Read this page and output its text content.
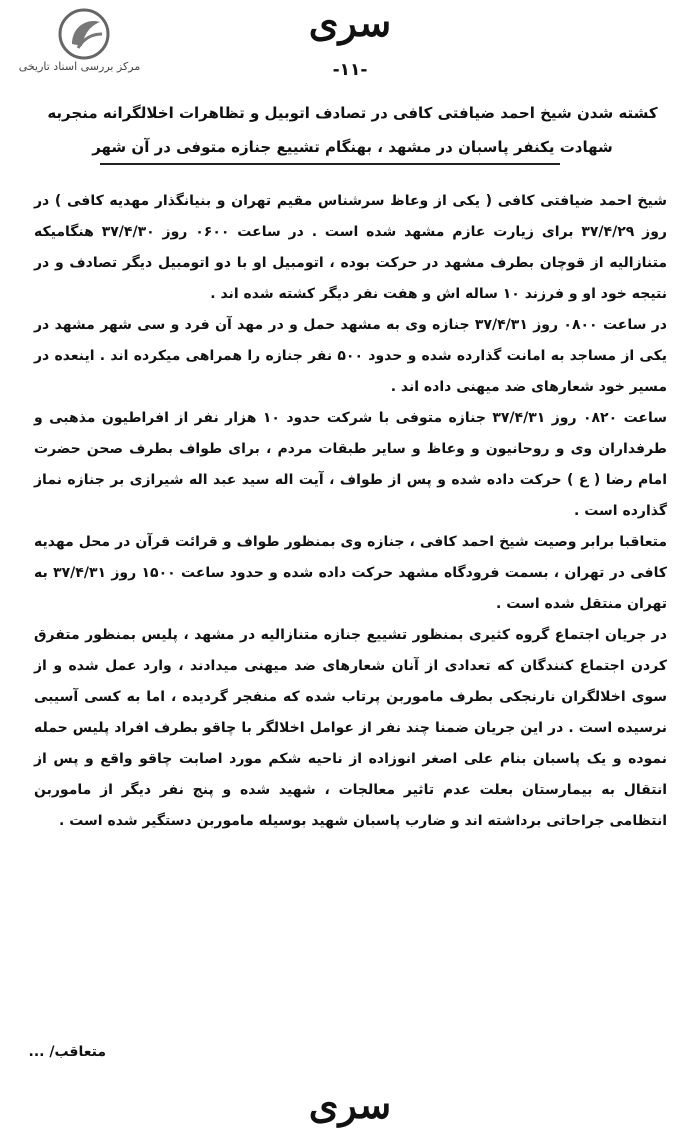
مرکز بررسی اسناد تاریخی
سری
-۱۱-
کشته شدن شیخ احمد ضیافتی کافی در تصادف اتوبیل و تظاهرات اخلالگرانه منجربه
شهادت یکنفر پاسبان در مشهد ، بهنگام تشییع جنازه متوفی در آن شهر

شیخ احمد ضیافتی کافی ( یکی از وعاظ سرشناس مقیم تهران و بنیانگذار مهدیه کافی ) در روز ۳۷/۴/۲۹ برای زیارت عازم مشهد شده است . در ساعت ۰۶۰۰ روز ۳۷/۴/۳۰ هنگامیکه متنازالیه از قوچان بطرف مشهد در حرکت بوده ، اتومبیل او با دو اتومبیل دیگر تصادف و در نتیجه خود او و فرزند ۱۰ ساله اش و هفت نفر دیگر کشته شده اند .

در ساعت ۰۸۰۰ روز ۳۷/۴/۳۱ جنازه وی به مشهد حمل و در مهد آن فرد و سی شهر مشهد در یکی از مساجد به امانت گذارده شده و حدود ۵۰۰ نفر جنازه را همراهی میکرده اند . اینعده در مسیر خود شعارهای ضد میهنی داده اند .

ساعت ۰۸۲۰ روز ۳۷/۴/۳۱ جنازه متوفی با شرکت حدود ۱۰ هزار نفر از افراطیون مذهبی و طرفداران وی و روحانیون و وعاظ و سایر طبقات مردم ، برای طواف بطرف صحن حضرت امام رضا ( ع ) حرکت داده شده و پس از طواف ، آیت اله سید عبد اله شیرازی بر جنازه نماز گذارده است .

متعاقبا برابر وصیت شیخ احمد کافی ، جنازه وی بمنظور طواف و قرائت قرآن در محل مهدیه کافی در تهران ، بسمت فرودگاه مشهد حرکت داده شده و حدود ساعت ۱۵۰۰ روز ۳۷/۴/۳۱ به تهران منتقل شده است .

در جریان اجتماع گروه کثیری بمنظور تشییع جنازه متنازالیه در مشهد ، پلیس بمنظور متفرق کردن اجتماع کنندگان که تعدادی از آنان شعارهای ضد میهنی میدادند ، وارد عمل شده و از سوی اخلالگران نارنجکی بطرف ماموربن پرتاب شده که منفجر گردیده ، اما به کسی آسیبی نرسیده است . در این جریان ضمنا چند نفر از عوامل اخلالگر با چاقو بطرف افراد پلیس حمله نموده و یک پاسبان بنام علی اصغر انوزاده از ناحیه شکم مورد اصابت چاقو واقع و پس از انتقال به بیمارستان بعلت عدم تاثیر معالجات ، شهید شده و پنج نفر دیگر از ماموربن انتظامی جراحاتی برداشته اند و ضارب پاسبان شهید بوسیله ماموربن دستگیر شده است .

متعاقب/ ...
سری
